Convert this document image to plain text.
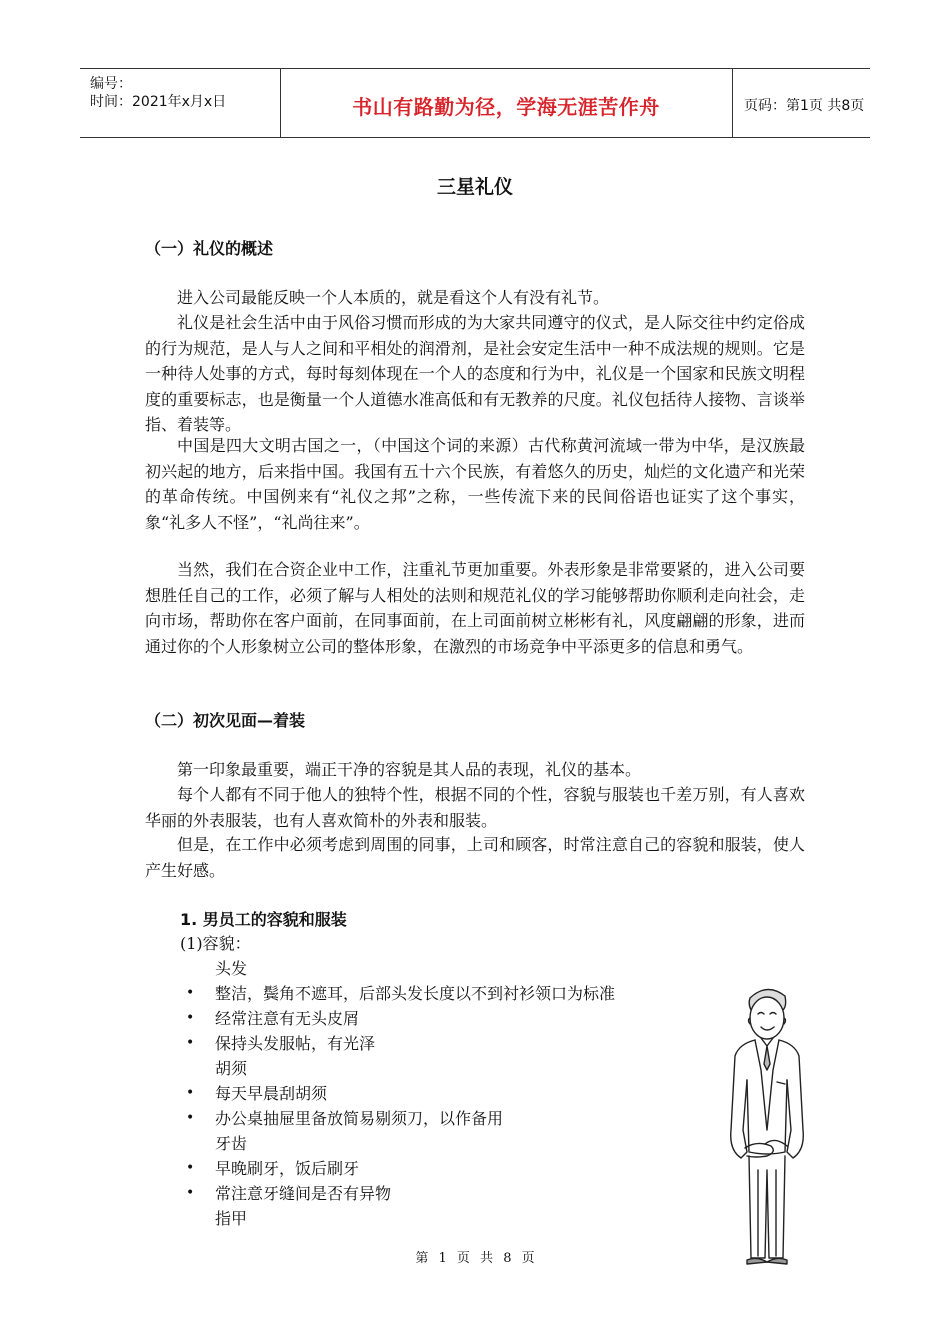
编号：
时间：2021年x月x日	书山有路勤为径，学海无涯苦作舟	页码：第1页 共8页
三星礼仪
（一）礼仪的概述

进入公司最能反映一个人本质的，就是看这个人有没有礼节。

礼仪是社会生活中由于风俗习惯而形成的为大家共同遵守的仪式，是人际交往中约定俗成的行为规范，是人与人之间和平相处的润滑剂，是社会安定生活中一种不成法规的规则。它是一种待人处事的方式，每时每刻体现在一个人的态度和行为中，礼仪是一个国家和民族文明程度的重要标志，也是衡量一个人道德水准高低和有无教养的尺度。礼仪包括待人接物、言谈举指、着装等。

中国是四大文明古国之一，（中国这个词的来源）古代称黄河流域一带为中华，是汉族最初兴起的地方，后来指中国。我国有五十六个民族，有着悠久的历史，灿烂的文化遗产和光荣的革命传统。中国例来有“礼仪之邦”之称，一些传流下来的民间俗语也证实了这个事实，象“礼多人不怪”，“礼尚往来”。

当然，我们在合资企业中工作，注重礼节更加重要。外表形象是非常要紧的，进入公司要想胜任自己的工作，必须了解与人相处的法则和规范礼仪的学习能够帮助你顺利走向社会，走向市场，帮助你在客户面前，在同事面前，在上司面前树立彬彬有礼，风度翩翩的形象，进而通过你的个人形象树立公司的整体形象，在激烈的市场竞争中平添更多的信息和勇气。

（二）初次见面—着装

第一印象最重要，端正干净的容貌是其人品的表现，礼仪的基本。

每个人都有不同于他人的独特个性，根据不同的个性，容貌与服装也千差万别，有人喜欢华丽的外表服装，也有人喜欢简朴的外表和服装。

但是，在工作中必须考虑到周围的同事，上司和顾客，时常注意自己的容貌和服装，使人产生好感。

1. 男员工的容貌和服装
(1)容貌：
头发
• 整洁，鬓角不遮耳，后部头发长度以不到衬衫领口为标准
• 经常注意有无头皮屑
• 保持头发服帖，有光泽
胡须
• 每天早晨刮胡须
• 办公桌抽屉里备放简易剔须刀，以作备用
牙齿
• 早晚刷牙，饭后刷牙
• 常注意牙缝间是否有异物
指甲
第 1 页 共 8 页
